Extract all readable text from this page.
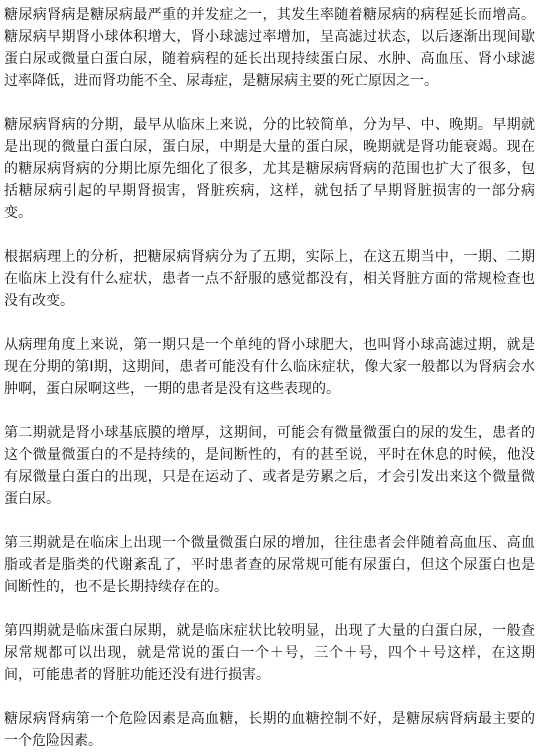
糖尿病肾病是糖尿病最严重的并发症之一，其发生率随着糖尿病的病程延长而增高。糖尿病早期肾小球体积增大，肾小球滤过率增加，呈高滤过状态，以后逐渐出现间歇蛋白尿或微量白蛋白尿，随着病程的延长出现持续蛋白尿、水肿、高血压、肾小球滤过率降低，进而肾功能不全、尿毒症，是糖尿病主要的死亡原因之一。

糖尿病肾病的分期，最早从临床上来说，分的比较简单，分为早、中、晚期。早期就是出现的微量白蛋白尿，蛋白尿，中期是大量的蛋白尿，晚期就是肾功能衰竭。现在的糖尿病肾病的分期比原先细化了很多，尤其是糖尿病肾病的范围也扩大了很多，包括糖尿病引起的早期肾损害，肾脏疾病，这样，就包括了早期肾脏损害的一部分病变。

根据病理上的分析，把糖尿病肾病分为了五期，实际上，在这五期当中，一期、二期在临床上没有什么症状，患者一点不舒服的感觉都没有，相关肾脏方面的常规检查也没有改变。

从病理角度上来说，第一期只是一个单纯的肾小球肥大，也叫肾小球高滤过期，就是现在分期的第Ⅰ期，这期间，患者可能没有什么临床症状，像大家一般都以为肾病会水肿啊，蛋白尿啊这些，一期的患者是没有这些表现的。

第二期就是肾小球基底膜的增厚，这期间，可能会有微量微蛋白的尿的发生，患者的这个微量微蛋白的不是持续的，是间断性的，有的甚至说，平时在休息的时候，他没有尿微量白蛋白的出现，只是在运动了、或者是劳累之后，才会引发出来这个微量微蛋白尿。

第三期就是在临床上出现一个微量微蛋白尿的增加，往往患者会伴随着高血压、高血脂或者是脂类的代谢紊乱了，平时患者查的尿常规可能有尿蛋白，但这个尿蛋白也是间断性的，也不是长期持续存在的。

第四期就是临床蛋白尿期，就是临床症状比较明显，出现了大量的白蛋白尿，一般查尿常规都可以出现，就是常说的蛋白一个＋号，三个＋号，四个＋号这样，在这期间，可能患者的肾脏功能还没有进行损害。

糖尿病肾病第一个危险因素是高血糖，长期的血糖控制不好，是糖尿病肾病最主要的一个危险因素。
